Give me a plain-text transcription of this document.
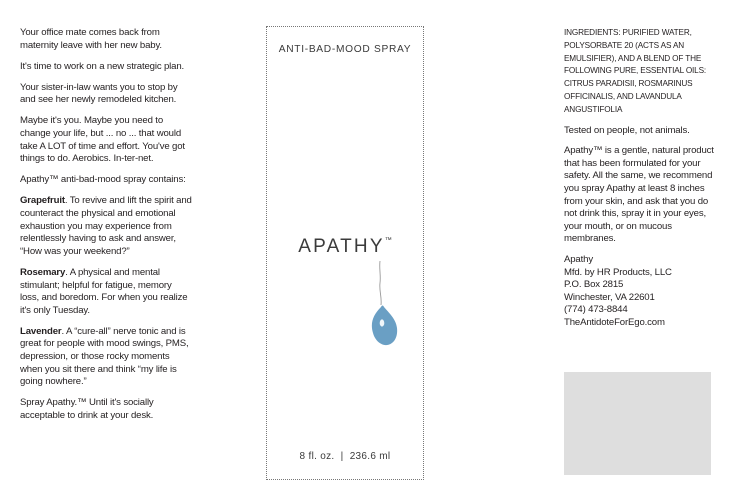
Your office mate comes back from maternity leave with her new baby.

It's time to work on a new strategic plan.

Your sister-in-law wants you to stop by and see her newly remodeled kitchen.

Maybe it's you. Maybe you need to change your life, but ... no ... that would take A LOT of time and effort. You've got things to do. Aerobics. In-ter-net.

Apathy™ anti-bad-mood spray contains:

Grapefruit. To revive and lift the spirit and counteract the physical and emotional exhaustion you may experience from relentlessly having to ask and answer, “How was your weekend?”

Rosemary. A physical and mental stimulant; helpful for fatigue, memory loss, and boredom. For when you realize it's only Tuesday.

Lavender. A “cure-all” nerve tonic and is great for people with mood swings, PMS, depression, or those rocky moments when you sit there and think “my life is going nowhere.”

Spray Apathy.™ Until it's socially acceptable to drink at your desk.

ANTI-BAD-MOOD SPRAY
APATHY™
8 fl. oz.  |  236.6 ml

INGREDIENTS: PURIFIED WATER, POLYSORBATE 20 (ACTS AS AN EMULSIFIER), AND A BLEND OF THE FOLLOWING PURE, ESSENTIAL OILS: CITRUS PARADISII, ROSMARINUS OFFICINALIS, AND LAVANDULA ANGUSTIFOLIA

Tested on people, not animals.

Apathy™ is a gentle, natural product that has been formulated for your safety. All the same, we recommend you spray Apathy at least 8 inches from your skin, and ask that you do not drink this, spray it in your eyes, your mouth, or on mucous membranes.

Apathy
Mfd. by HR Products, LLC
P.O. Box 2815
Winchester, VA 22601
(774) 473-8844
TheAntidoteForEgo.com
